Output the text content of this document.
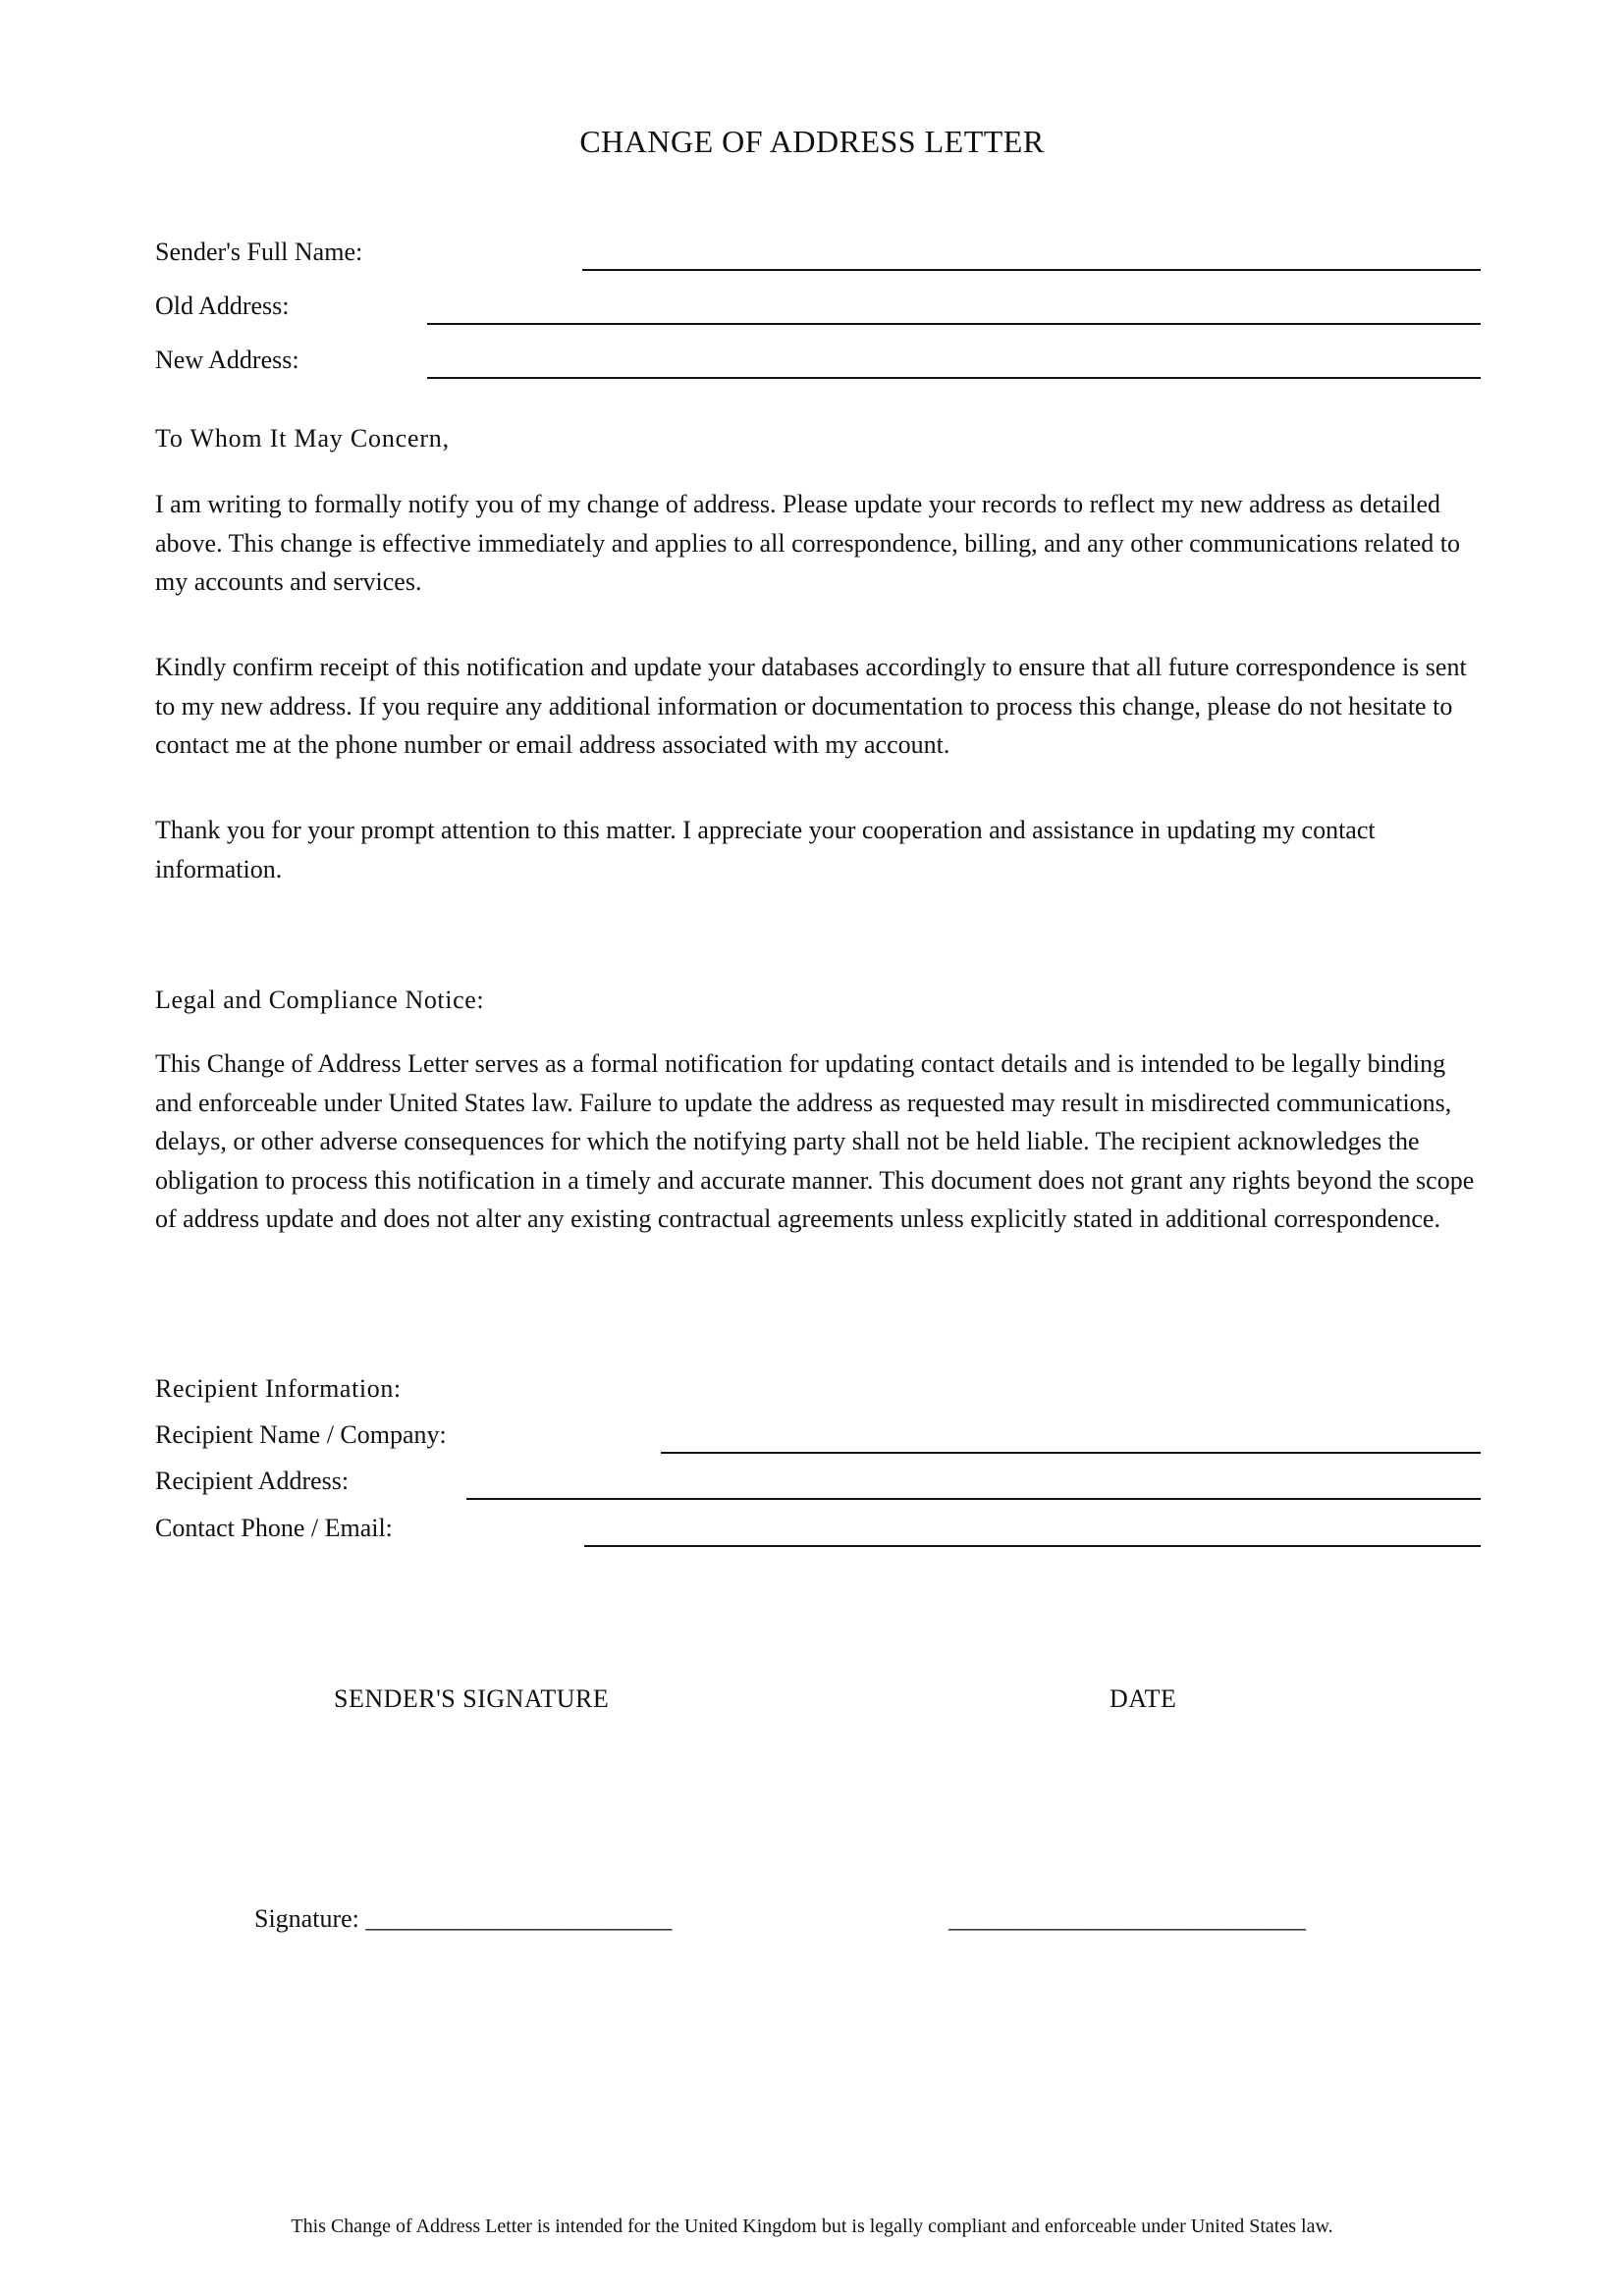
CHANGE OF ADDRESS LETTER
Sender's Full Name:
Old Address:
New Address:
To Whom It May Concern,

I am writing to formally notify you of my change of address. Please update your records to reflect my new address as detailed above. This change is effective immediately and applies to all correspondence, billing, and any other communications related to my accounts and services.

Kindly confirm receipt of this notification and update your databases accordingly to ensure that all future correspondence is sent to my new address. If you require any additional information or documentation to process this change, please do not hesitate to contact me at the phone number or email address associated with my account.

Thank you for your prompt attention to this matter. I appreciate your cooperation and assistance in updating my contact information.

Legal and Compliance Notice:

This Change of Address Letter serves as a formal notification for updating contact details and is intended to be legally binding and enforceable under United States law. Failure to update the address as requested may result in misdirected communications, delays, or other adverse consequences for which the notifying party shall not be held liable. The recipient acknowledges the obligation to process this notification in a timely and accurate manner. This document does not grant any rights beyond the scope of address update and does not alter any existing contractual agreements unless explicitly stated in additional correspondence.

Recipient Information:
Recipient Name / Company:
Recipient Address:
Contact Phone / Email:
SENDER'S SIGNATURE	DATE
Signature: ________________________	____________________________
This Change of Address Letter is intended for the United Kingdom but is legally compliant and enforceable under United States law.
